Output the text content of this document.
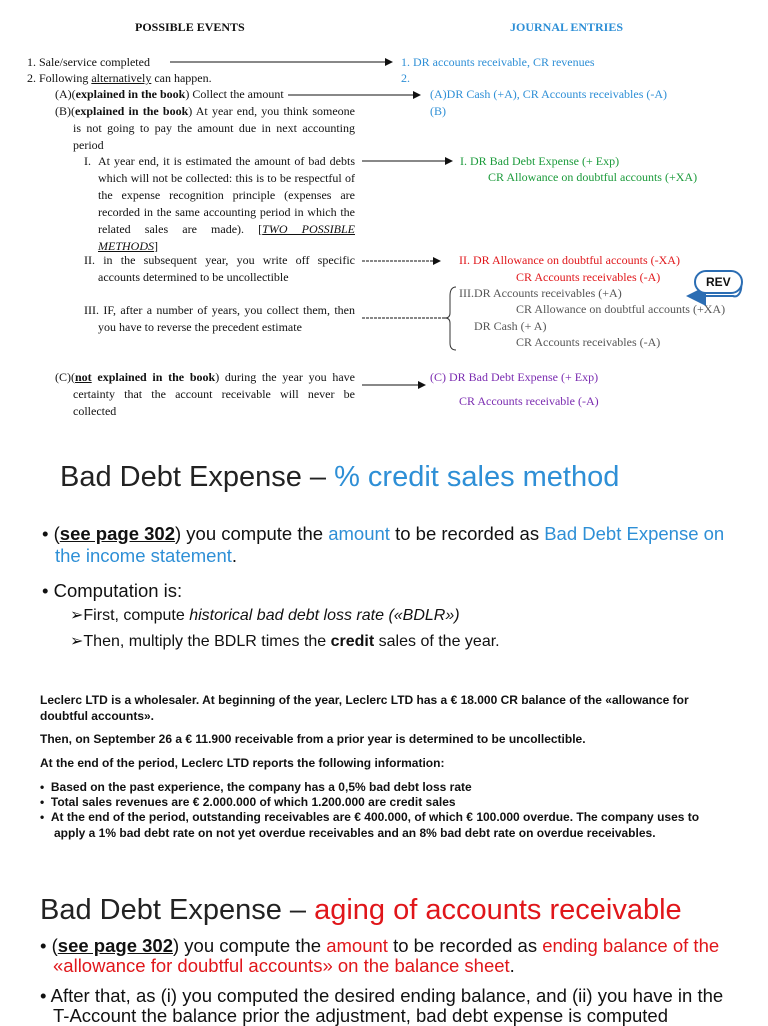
POSSIBLE EVENTS	JOURNAL ENTRIES
1. Sale/service completed
2. Following alternatively can happen.
(A)(explained in the book) Collect the amount
(B)(explained in the book) At year end, you think someone is not going to pay the amount due in next accounting period
I. At year end, it is estimated the amount of bad debts which will not be collected: this is to be respectful of the expense recognition principle (expenses are recorded in the same accounting period in which the related sales are made). [TWO POSSIBLE METHODS]
II. in the subsequent year, you write off specific accounts determined to be uncollectible
III. IF, after a number of years, you collect them, then you have to reverse the precedent estimate
(C)(not explained in the book) during the year you have certainty that the account receivable will never be collected
1. DR accounts receivable, CR revenues
2.
(A)DR Cash (+A), CR Accounts receivables (-A)
(B)
I. DR Bad Debt Expense (+ Exp)
CR Allowance on doubtful accounts (+XA)
II. DR Allowance on doubtful accounts (-XA)
CR Accounts receivables (-A)	REV
III.DR Accounts receivables (+A)
CR Allowance on doubtful accounts (+XA)
DR Cash (+ A)
CR Accounts receivables (-A)
(C) DR Bad Debt Expense (+ Exp)
CR Accounts receivable (-A)
Bad Debt Expense – % credit sales method
• (see page 302) you compute the amount to be recorded as Bad Debt Expense on the income statement.
• Computation is:
➢First, compute historical bad debt loss rate («BDLR»)
➢Then, multiply the BDLR times the credit sales of the year.
Leclerc LTD is a wholesaler. At beginning of the year, Leclerc LTD has a € 18.000 CR balance of the «allowance for doubtful accounts».
Then, on September 26 a € 11.900 receivable from a prior year is determined to be uncollectible.
At the end of the period, Leclerc LTD reports the following information:
•  Based on the past experience, the company has a 0,5% bad debt loss rate
•  Total sales revenues are € 2.000.000 of which 1.200.000 are credit sales
•  At the end of the period, outstanding receivables are € 400.000, of which € 100.000 overdue. The company uses to apply a 1% bad debt rate on not yet overdue receivables and an 8% bad debt rate on overdue receivables.
Bad Debt Expense – aging of accounts receivable
• (see page 302) you compute the amount to be recorded as ending balance of the «allowance for doubtful accounts» on the balance sheet.
• After that, as (i) you computed the desired ending balance, and (ii) you have in the T-Account the balance prior the adjustment, bad debt expense is computed
